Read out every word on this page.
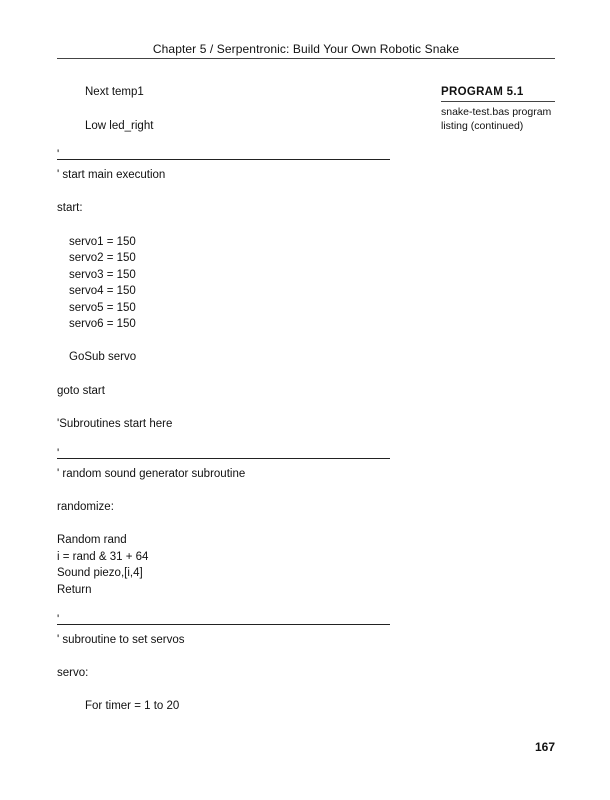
Chapter 5 / Serpentronic: Build Your Own Robotic Snake
PROGRAM 5.1
snake-test.bas program listing (continued)
Next temp1
Low led_right
'
' start main execution
start:
servo1 = 150
servo2 = 150
servo3 = 150
servo4 = 150
servo5 = 150
servo6 = 150
GoSub servo
goto start
'Subroutines start here
'
' random sound generator subroutine
randomize:
Random rand
i = rand & 31 + 64
Sound piezo,[i,4]
Return
'
' subroutine to set servos
servo:
For timer = 1 to 20
167
